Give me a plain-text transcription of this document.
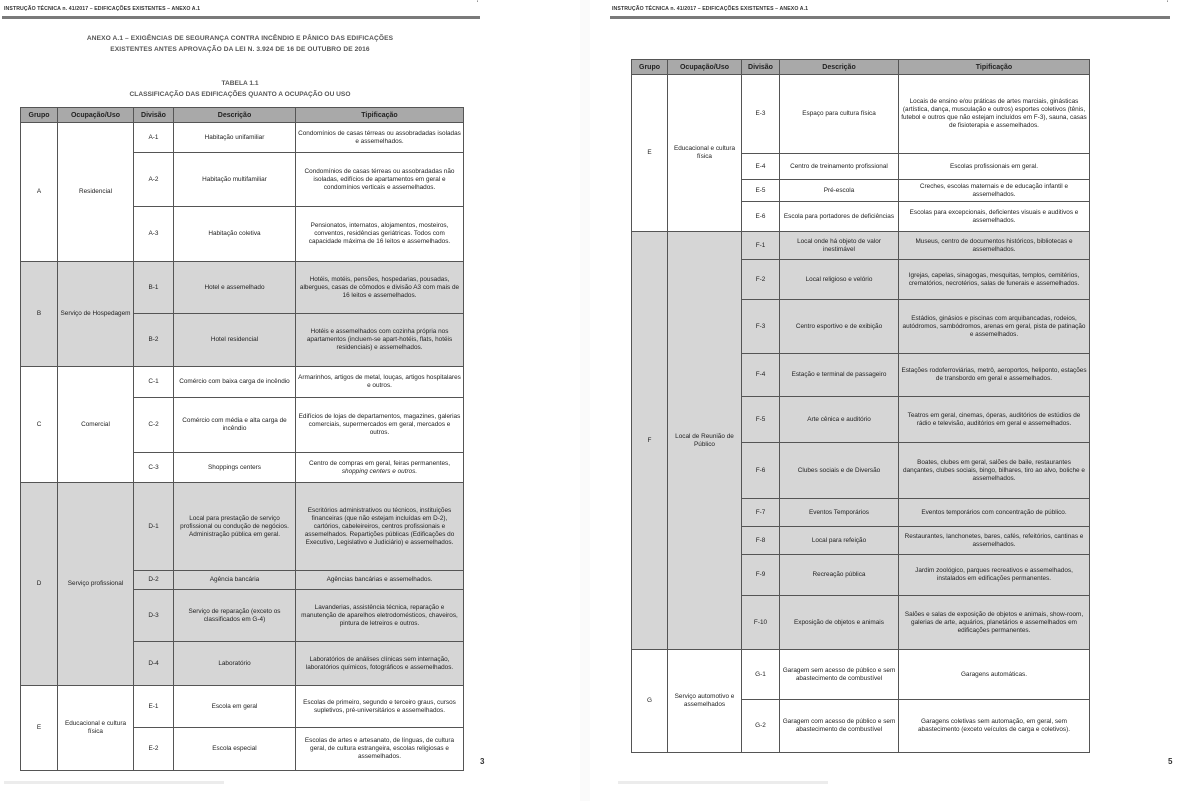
INSTRUÇÃO TÉCNICA n. 41/2017 – EDIFICAÇÕES EXISTENTES – ANEXO A.1	ˈ
ANEXO A.1 – EXIGÊNCIAS DE SEGURANÇA CONTRA INCÊNDIO E PÂNICO DAS EDIFICAÇÕES
EXISTENTES ANTES APROVAÇÃO DA LEI N. 3.924 DE 16 DE OUTUBRO DE 2016
TABELA 1.1
CLASSIFICAÇÃO DAS EDIFICAÇÕES QUANTO A OCUPAÇÃO OU USO
Grupo	Ocupação/Uso	Divisão	Descrição	Tipificação
A	Residencial	A-1	Habitação unifamiliar	Condomínios de casas térreas ou assobradadas isoladas e assemelhados.
		A-2	Habitação multifamiliar	Condomínios de casas térreas ou assobradadas não isoladas, edifícios de apartamentos em geral e condomínios verticais e assemelhados.
		A-3	Habitação coletiva	Pensionatos, internatos, alojamentos, mosteiros, conventos, residências geriátricas. Todos com capacidade máxima de 16 leitos e assemelhados.
B	Serviço de Hospedagem	B-1	Hotel e assemelhado	Hotéis, motéis, pensões, hospedarias, pousadas, albergues, casas de cômodos e divisão A3 com mais de 16 leitos e assemelhados.
		B-2	Hotel residencial	Hotéis e assemelhados com cozinha própria nos apartamentos (incluem-se apart-hotéis, flats, hotéis residenciais) e assemelhados.
C	Comercial	C-1	Comércio com baixa carga de incêndio	Armarinhos, artigos de metal, louças, artigos hospitalares e outros.
		C-2	Comércio com média e alta carga de incêndio	Edifícios de lojas de departamentos, magazines, galerias comerciais, supermercados em geral, mercados e outros.
		C-3	Shoppings centers	Centro de compras em geral, feiras permanentes, shopping centers e outros.
D	Serviço profissional	D-1	Local para prestação de serviço profissional ou condução de negócios. Administração pública em geral.	Escritórios administrativos ou técnicos, instituições financeiras (que não estejam incluídas em D-2), cartórios, cabeleireiros, centros profissionais e assemelhados. Repartições públicas (Edificações do Executivo, Legislativo e Judiciário) e assemelhados.
		D-2	Agência bancária	Agências bancárias e assemelhados.
		D-3	Serviço de reparação (exceto os classificados em G-4)	Lavanderias, assistência técnica, reparação e manutenção de aparelhos eletrodomésticos, chaveiros, pintura de letreiros e outros.
		D-4	Laboratório	Laboratórios de análises clínicas sem internação, laboratórios químicos, fotográficos e assemelhados.
E	Educacional e cultura física	E-1	Escola em geral	Escolas de primeiro, segundo e terceiro graus, cursos supletivos, pré-universitários e assemelhados.
		E-2	Escola especial	Escolas de artes e artesanato, de línguas, de cultura geral, de cultura estrangeira, escolas religiosas e assemelhados.
3
INSTRUÇÃO TÉCNICA n. 41/2017 – EDIFICAÇÕES EXISTENTES – ANEXO A.1	ˈ
Grupo	Ocupação/Uso	Divisão	Descrição	Tipificação
E	Educacional e cultura física	E-3	Espaço para cultura física	Locais de ensino e/ou práticas de artes marciais, ginásticas (artística, dança, musculação e outros) esportes coletivos (tênis, futebol e outros que não estejam incluídos em F-3), sauna, casas de fisioterapia e assemelhados.
		E-4	Centro de treinamento profissional	Escolas profissionais em geral.
		E-5	Pré-escola	Creches, escolas maternais e de educação infantil e assemelhados.
		E-6	Escola para portadores de deficiências	Escolas para excepcionais, deficientes visuais e auditivos e assemelhados.
F	Local de Reunião de Público	F-1	Local onde há objeto de valor inestimável	Museus, centro de documentos históricos, bibliotecas e assemelhados.
		F-2	Local religioso e velório	Igrejas, capelas, sinagogas, mesquitas, templos, cemitérios, crematórios, necrotérios, salas de funerais e assemelhados.
		F-3	Centro esportivo e de exibição	Estádios, ginásios e piscinas com arquibancadas, rodeios, autódromos, sambódromos, arenas em geral, pista de patinação e assemelhados.
		F-4	Estação e terminal de passageiro	Estações rodoferroviárias, metrô, aeroportos, heliponto, estações de transbordo em geral e assemelhados.
		F-5	Arte cênica e auditório	Teatros em geral, cinemas, óperas, auditórios de estúdios de rádio e televisão, auditórios em geral e assemelhados.
		F-6	Clubes sociais e de Diversão	Boates, clubes em geral, salões de baile, restaurantes dançantes, clubes sociais, bingo, bilhares, tiro ao alvo, boliche e assemelhados.
		F-7	Eventos Temporários	Eventos temporários com concentração de público.
		F-8	Local para refeição	Restaurantes, lanchonetes, bares, cafés, refeitórios, cantinas e assemelhados.
		F-9	Recreação pública	Jardim zoológico, parques recreativos e assemelhados, instalados em edificações permanentes.
		F-10	Exposição de objetos e animais	Salões e salas de exposição de objetos e animais, show-room, galerias de arte, aquários, planetários e assemelhados em edificações permanentes.
G	Serviço automotivo e assemelhados	G-1	Garagem sem acesso de público e sem abastecimento de combustível	Garagens automáticas.
		G-2	Garagem com acesso de público e sem abastecimento de combustível	Garagens coletivas sem automação, em geral, sem abastecimento (exceto veículos de carga e coletivos).
5
